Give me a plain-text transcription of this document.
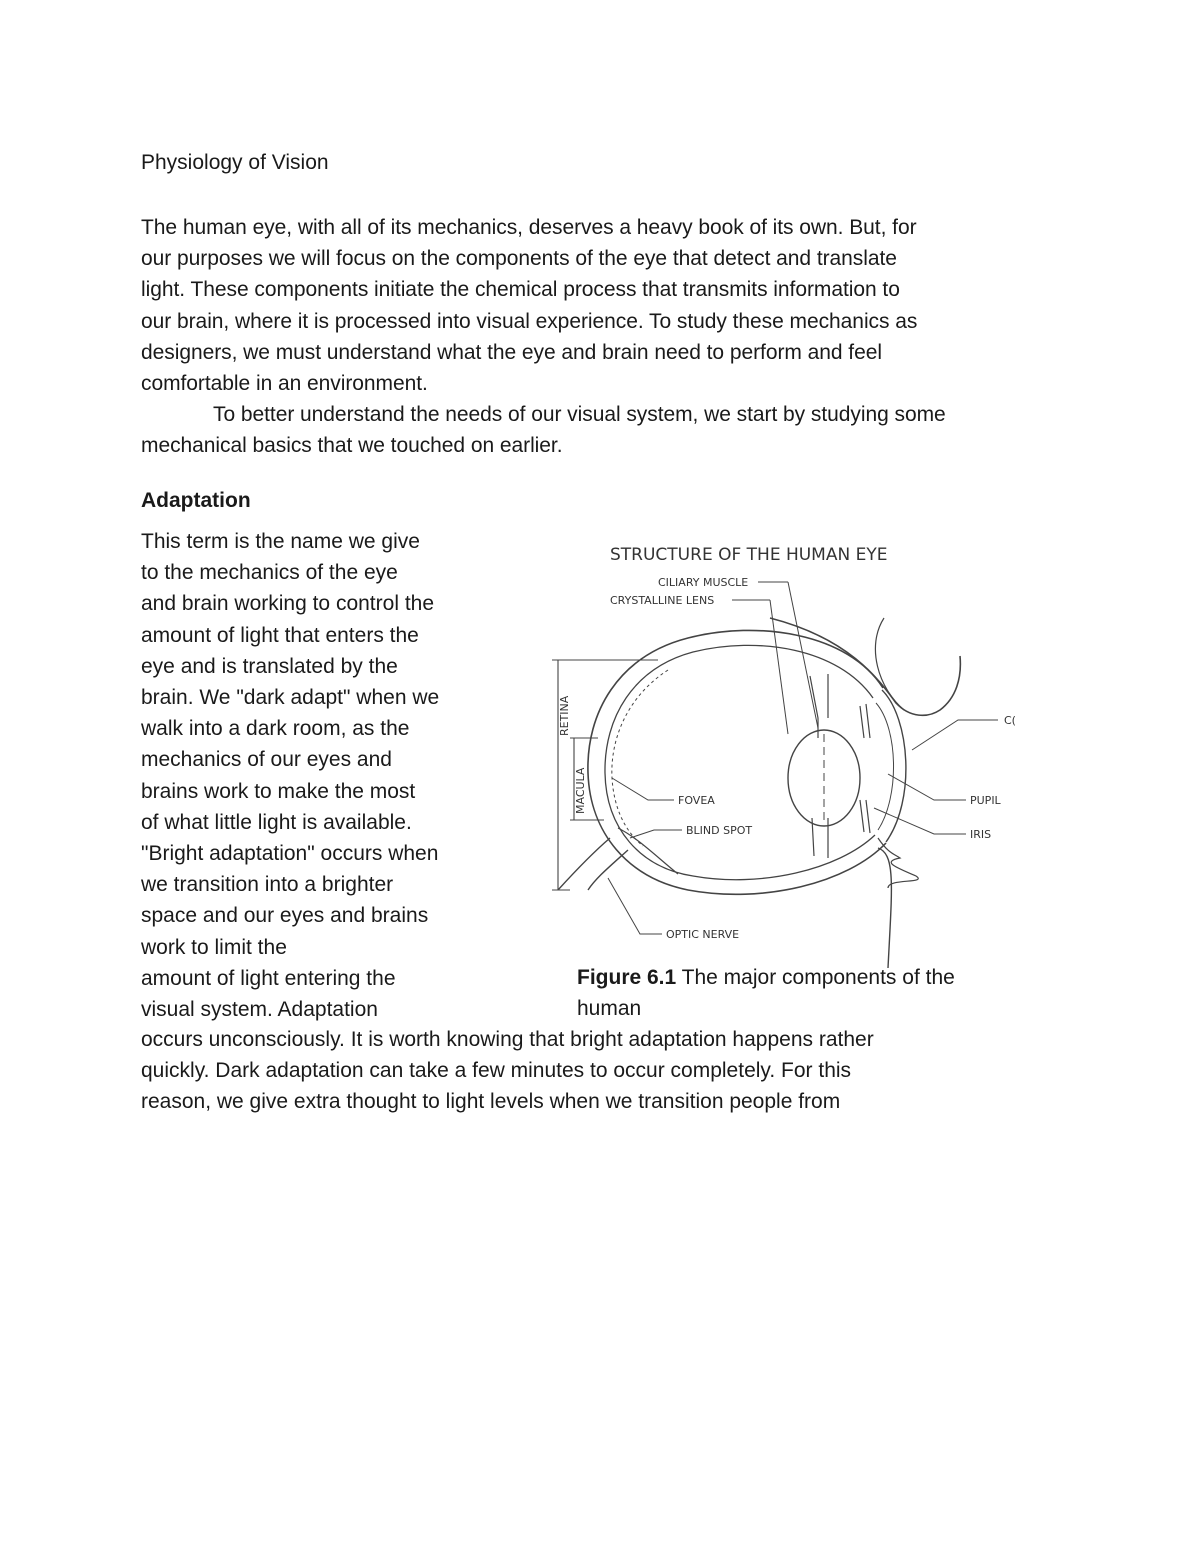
Physiology of Vision
The human eye, with all of its mechanics, deserves a heavy book of its own. But, for
our purposes we will focus on the components of the eye that detect and translate
light. These components initiate the chemical process that transmits information to
our brain, where it is processed into visual experience. To study these mechanics as
designers, we must understand what the eye and brain need to perform and feel
comfortable in an environment.
To better understand the needs of our visual system, we start by studying some
mechanical basics that we touched on earlier.
Adaptation
This term is the name we give
to the mechanics of the eye
and brain working to control the
amount of light that enters the
eye and is translated by the
brain. We "dark adapt" when we
walk into a dark room, as the
mechanics of our eyes and
brains work to make the most
of what little light is available.
"Bright adaptation" occurs when
we transition into a brighter
space and our eyes and brains
work to limit the
amount of light entering the
visual system. Adaptation
STRUCTURE OF THE HUMAN EYE
CILIARY MUSCLE
CRYSTALLINE LENS
RETINA
MACULA	FOVEA
BLIND SPOT
OPTIC NERVE
C(
PUPIL
IRIS
Figure 6.1 The major components of the
human
occurs unconsciously. It is worth knowing that bright adaptation happens rather
quickly. Dark adaptation can take a few minutes to occur completely. For this
reason, we give extra thought to light levels when we transition people from
